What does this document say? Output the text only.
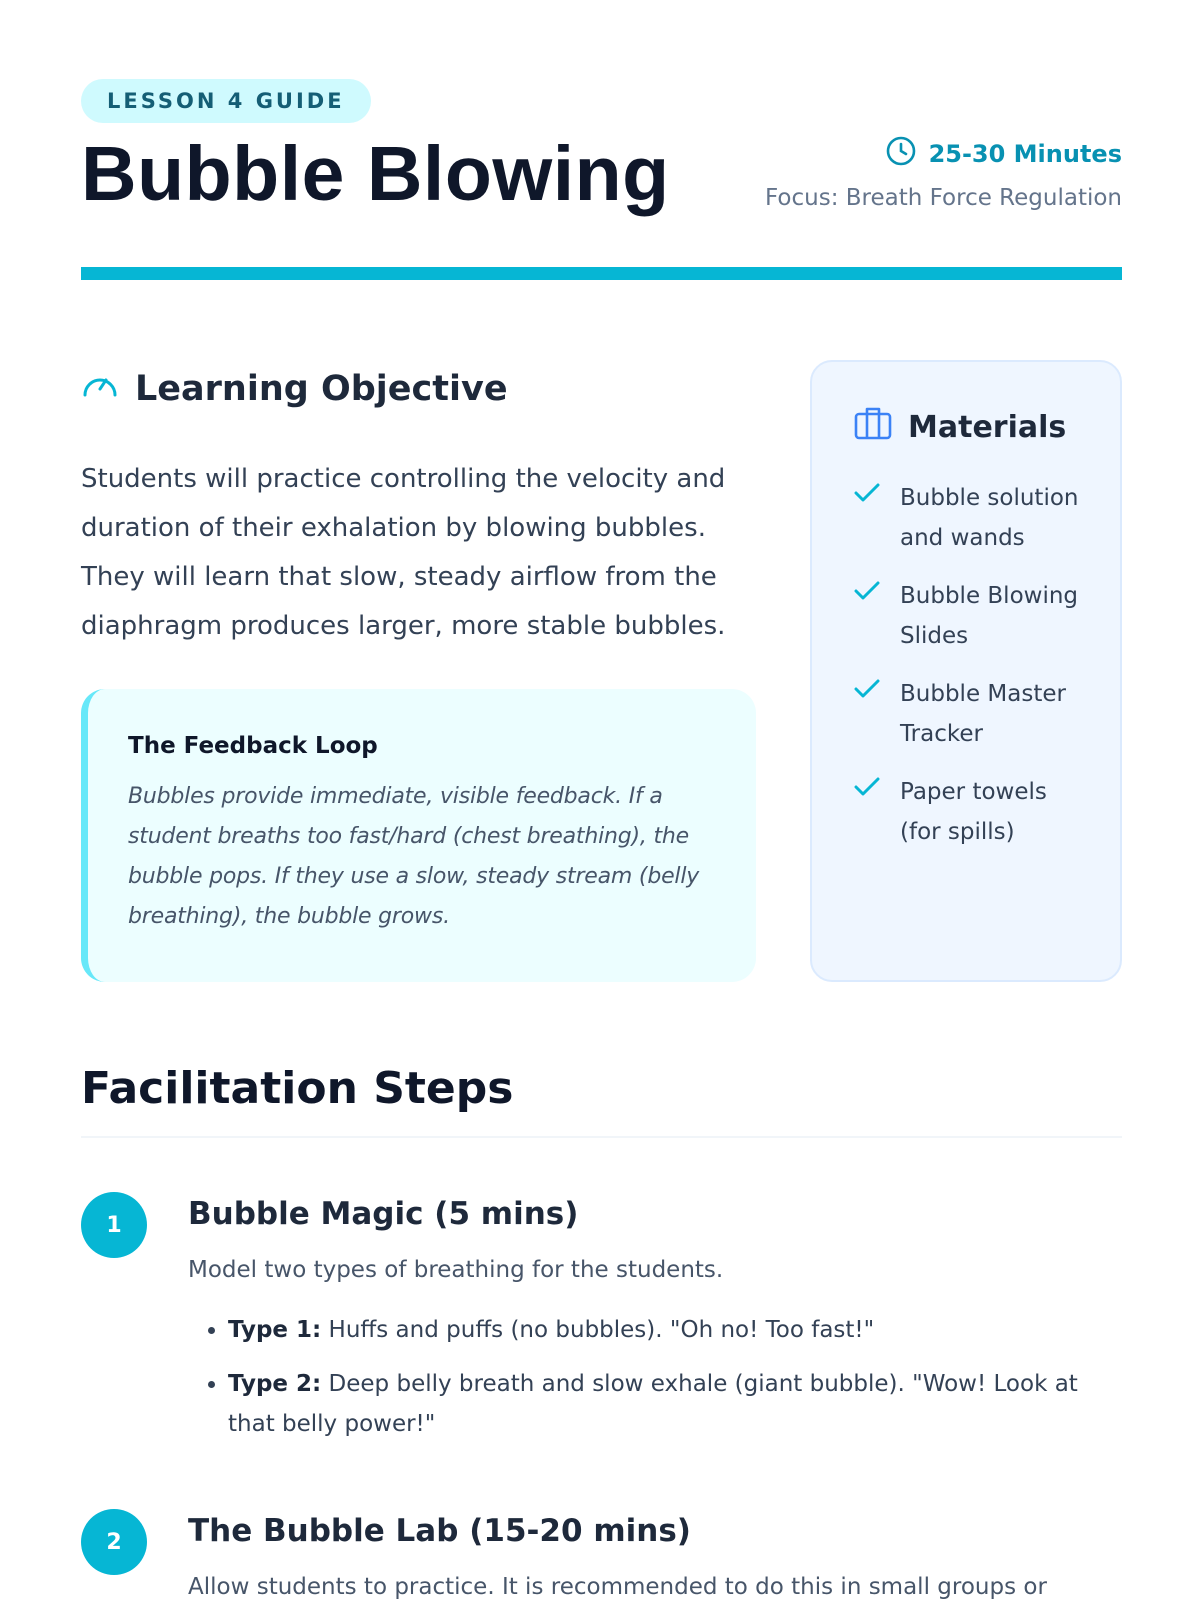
LESSON 4 GUIDE
Bubble Blowing	25-30 Minutes
Focus: Breath Force Regulation
Learning Objective

Students will practice controlling the velocity and duration of their exhalation by blowing bubbles. They will learn that slow, steady airflow from the diaphragm produces larger, more stable bubbles.

The Feedback Loop

Bubbles provide immediate, visible feedback. If a student breaths too fast/hard (chest breathing), the bubble pops. If they use a slow, steady stream (belly breathing), the bubble grows.

Materials
Bubble solution and wands
Bubble Blowing Slides
Bubble Master Tracker
Paper towels (for spills)
Facilitation Steps
1	Bubble Magic (5 mins)

Model two types of breathing for the students.

• Type 1: Huffs and puffs (no bubbles). "Oh no! Too fast!"
• Type 2: Deep belly breath and slow exhale (giant bubble). "Wow! Look at that belly power!"
2	The Bubble Lab (15-20 mins)

Allow students to practice. It is recommended to do this in small groups or
